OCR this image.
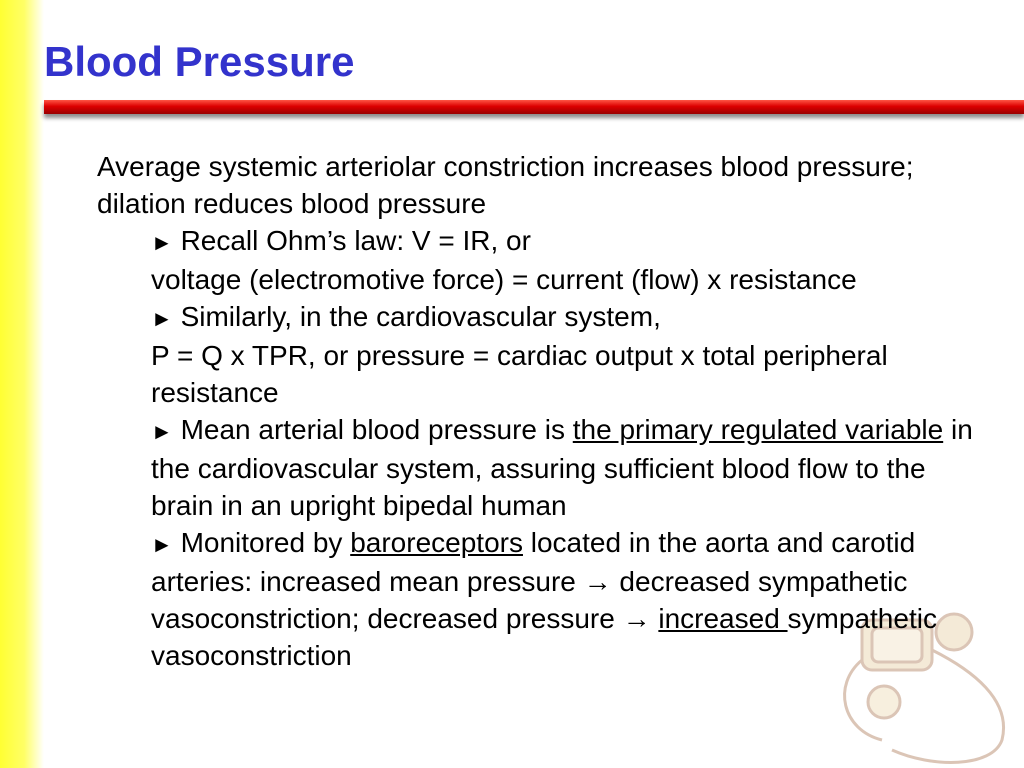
Blood Pressure

Average systemic arteriolar constriction increases blood pressure; dilation reduces blood pressure

► Recall Ohm’s law: V = IR, or

voltage (electromotive force) = current (flow) x resistance

► Similarly, in the cardiovascular system,

P = Q x TPR, or pressure = cardiac output x total peripheral resistance

► Mean arterial blood pressure is the primary regulated variable in the cardiovascular system, assuring sufficient blood flow to the brain in an upright bipedal human

► Monitored by baroreceptors located in the aorta and carotid arteries: increased mean pressure → decreased sympathetic vasoconstriction; decreased pressure → increased sympathetic vasoconstriction
